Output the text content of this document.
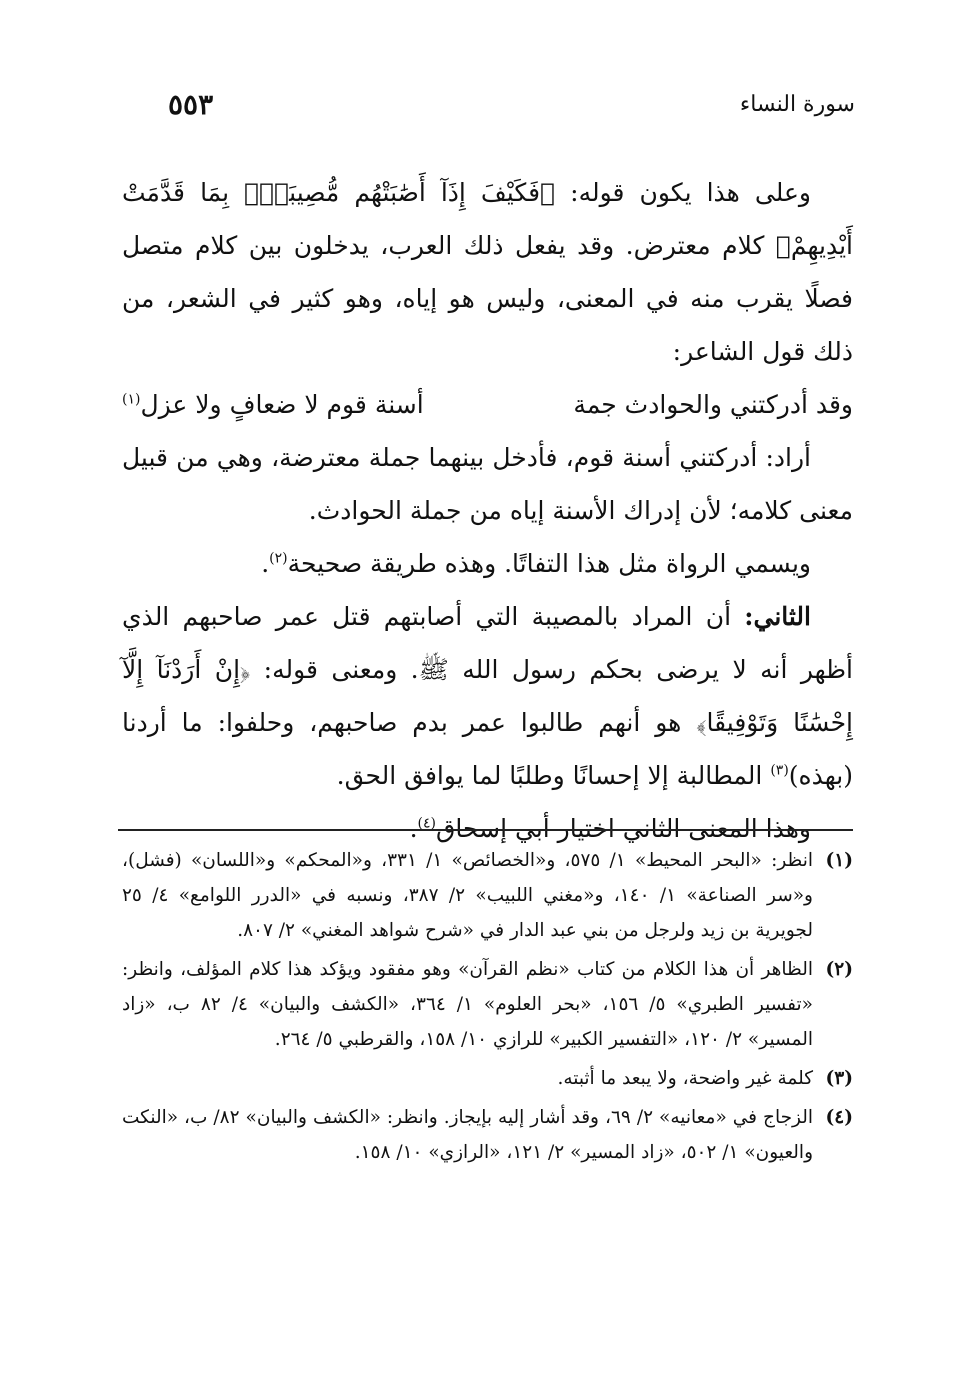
سورة النساء
٥٥٣

وعلى هذا يكون قوله: ﴿فَكَيْفَ إِذَآ أَصَٰبَتْهُم مُّصِيبَةُۢ بِمَا قَدَّمَتْ أَيْدِيهِمْ﴾ كلام معترض. وقد يفعل ذلك العرب، يدخلون بين كلام متصل فصلًا يقرب منه في المعنى، وليس هو إياه، وهو كثير في الشعر، من ذلك قول الشاعر:

وقد أدركتني والحوادث جمة
أسنة قوم لا ضعافٍ ولا عزل$^{(١)}$

أراد: أدركتني أسنة قوم، فأدخل بينهما جملة معترضة، وهي من قبيل معنى كلامه؛ لأن إدراك الأسنة إياه من جملة الحوادث.

ويسمي الرواة مثل هذا التفاتًا. وهذه طريقة صحيحة$^{(٢)}$.

الثاني: أن المراد بالمصيبة التي أصابتهم قتل عمر صاحبهم الذي أظهر أنه لا يرضى بحكم رسول الله ﷺ. ومعنى قوله: ﴿إِنْ أَرَدْنَآ إِلَّآ إِحْسَٰنًا وَتَوْفِيقًا﴾ هو أنهم طالبوا عمر بدم صاحبهم، وحلفوا: ما أردنا (بهذه)$^{(٣)}$ المطالبة إلا إحسانًا وطلبًا لما يوافق الحق.

وهذا المعنى الثاني اختيار أبي إسحاق$^{(٤)}$.

(١)
انظر: «البحر المحيط» ١/ ٥٧٥، و«الخصائص» ١/ ٣٣١، و«المحكم» و«اللسان» (فشل)، و«سر الصناعة» ١/ ١٤٠، و«مغني اللبيب» ٢/ ٣٨٧، ونسبه في «الدرر اللوامع» ٤/ ٢٥ لجويرية بن زيد ولرجل من بني عبد الدار في «شرح شواهد المغني» ٢/ ٨٠٧.
(٢)
الظاهر أن هذا الكلام من كتاب «نظم القرآن» وهو مفقود ويؤكد هذا كلام المؤلف، وانظر: «تفسير الطبري» ٥/ ١٥٦، «بحر العلوم» ١/ ٣٦٤، «الكشف والبيان» ٤/ ٨٢ ب، «زاد المسير» ٢/ ١٢٠، «التفسير الكبير» للرازي ١٠/ ١٥٨، والقرطبي ٥/ ٢٦٤.
(٣)
كلمة غير واضحة، ولا يبعد ما أثبته.
(٤)
الزجاج في «معانيه» ٢/ ٦٩، وقد أشار إليه بإيجاز. وانظر: «الكشف والبيان» ٨٢/ ب، «النكت والعيون» ١/ ٥٠٢، «زاد المسير» ٢/ ١٢١، «الرازي» ١٠/ ١٥٨.
